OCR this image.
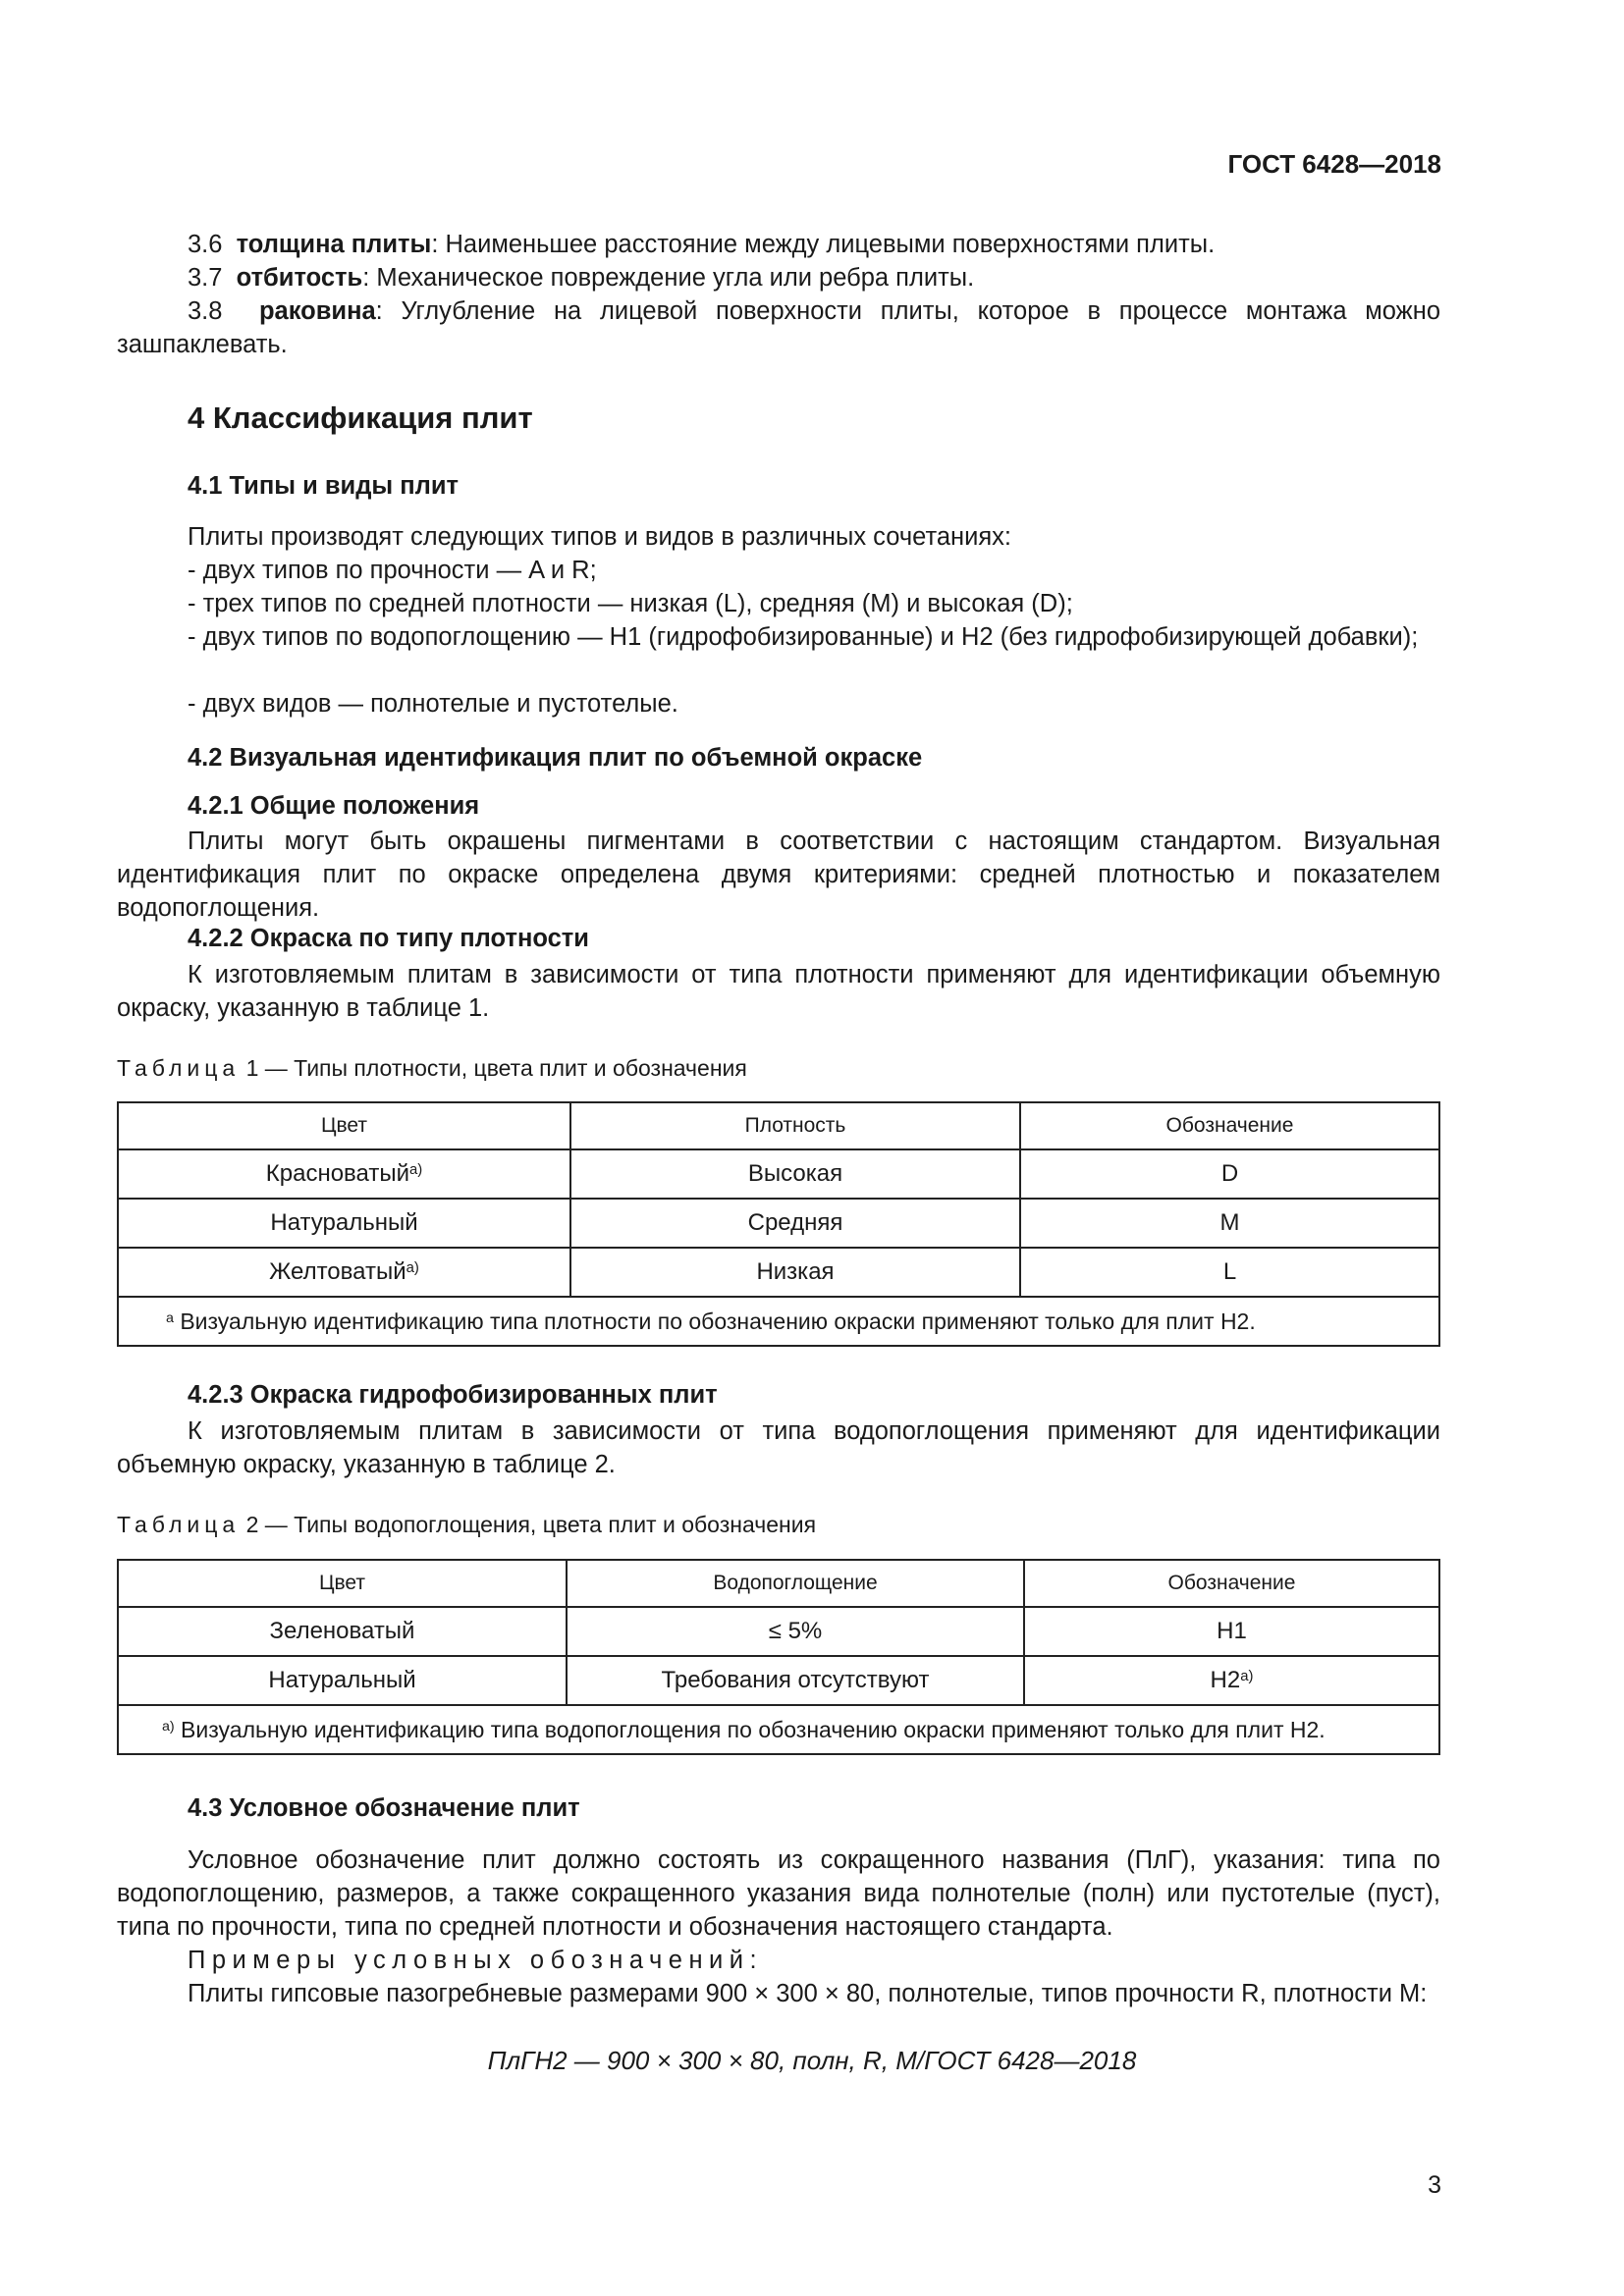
ГОСТ 6428—2018
3.6 толщина плиты: Наименьшее расстояние между лицевыми поверхностями плиты.
3.7 отбитость: Механическое повреждение угла или ребра плиты.
3.8 раковина: Углубление на лицевой поверхности плиты, которое в процессе монтажа можно зашпаклевать.
4 Классификация плит
4.1 Типы и виды плит
Плиты производят следующих типов и видов в различных сочетаниях:
- двух типов по прочности — A и R;
- трех типов по средней плотности — низкая (L), средняя (M) и высокая (D);
- двух типов по водопоглощению — Н1 (гидрофобизированные) и Н2 (без гидрофобизирующей добавки);
- двух видов — полнотелые и пустотелые.
4.2 Визуальная идентификация плит по объемной окраске
4.2.1 Общие положения
Плиты могут быть окрашены пигментами в соответствии с настоящим стандартом. Визуальная идентификация плит по окраске определена двумя критериями: средней плотностью и показателем водопоглощения.
4.2.2 Окраска по типу плотности
К изготовляемым плитам в зависимости от типа плотности применяют для идентификации объемную окраску, указанную в таблице 1.
Таблица 1 — Типы плотности, цвета плит и обозначения
Цвет	Плотность	Обозначение
Красноватый$^{а)}$	Высокая	D
Натуральный	Средняя	M
Желтоватый$^{а)}$	Низкая	L
$^а$ Визуальную идентификацию типа плотности по обозначению окраски применяют только для плит Н2.		
4.2.3 Окраска гидрофобизированных плит
К изготовляемым плитам в зависимости от типа водопоглощения применяют для идентификации объемную окраску, указанную в таблице 2.
Таблица 2 — Типы водопоглощения, цвета плит и обозначения
Цвет	Водопоглощение	Обозначение
Зеленоватый	≤ 5%	Н1
Натуральный	Требования отсутствуют	$Н2^{а)}$
$^{а)}$ Визуальную идентификацию типа водопоглощения по обозначению окраски применяют только для плит Н2.		
4.3 Условное обозначение плит
Условное обозначение плит должно состоять из сокращенного названия (ПлГ), указания: типа по водопоглощению, размеров, а также сокращенного указания вида полнотелые (полн) или пустотелые (пуст), типа по прочности, типа по средней плотности и обозначения настоящего стандарта.
Примеры условных обозначений:
Плиты гипсовые пазогребневые размерами 900 × 300 × 80, полнотелые, типов прочности R, плотности M:
ПлГН2 — 900 × 300 × 80, полн, R, M/ГОСТ 6428—2018
3
